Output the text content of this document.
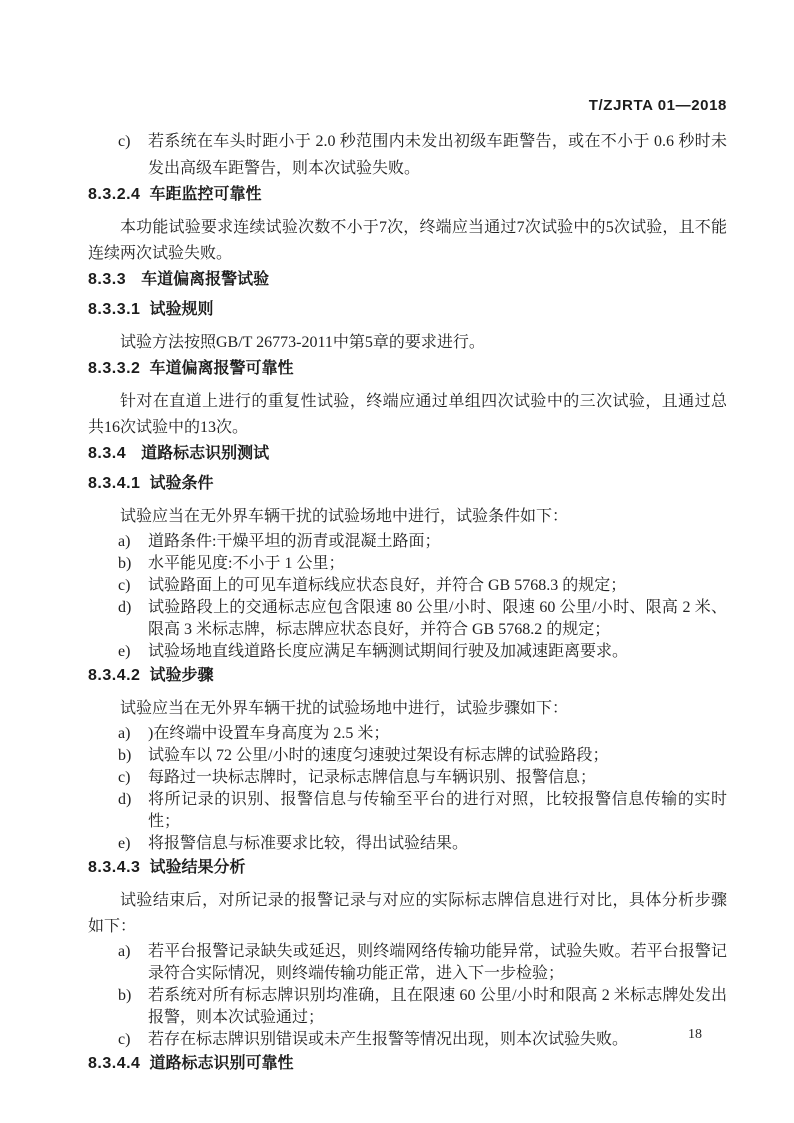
T/ZJRTA 01—2018
c)	若系统在车头时距小于 2.0 秒范围内未发出初级车距警告，或在不小于 0.6 秒时未发出高级车距警告，则本次试验失败。
8.3.2.4 车距监控可靠性

本功能试验要求连续试验次数不小于7次，终端应当通过7次试验中的5次试验，且不能连续两次试验失败。

8.3.3 车道偏离报警试验
8.3.3.1 试验规则

试验方法按照GB/T 26773-2011中第5章的要求进行。

8.3.3.2 车道偏离报警可靠性

针对在直道上进行的重复性试验，终端应通过单组四次试验中的三次试验，且通过总共16次试验中的13次。

8.3.4 道路标志识别测试
8.3.4.1 试验条件

试验应当在无外界车辆干扰的试验场地中进行，试验条件如下：

a)	道路条件:干燥平坦的沥青或混凝土路面；
b)	水平能见度:不小于 1 公里；
c)	试验路面上的可见车道标线应状态良好，并符合 GB 5768.3 的规定；
d)	试验路段上的交通标志应包含限速 80 公里/小时、限速 60 公里/小时、限高 2 米、限高 3 米标志牌，标志牌应状态良好，并符合 GB 5768.2 的规定；
e)	试验场地直线道路长度应满足车辆测试期间行驶及加减速距离要求。
8.3.4.2 试验步骤

试验应当在无外界车辆干扰的试验场地中进行，试验步骤如下：

a)	)在终端中设置车身高度为 2.5 米；
b)	试验车以 72 公里/小时的速度匀速驶过架设有标志牌的试验路段；
c)	每路过一块标志牌时，记录标志牌信息与车辆识别、报警信息；
d)	将所记录的识别、报警信息与传输至平台的进行对照，比较报警信息传输的实时性；
e)	将报警信息与标准要求比较，得出试验结果。
8.3.4.3 试验结果分析

试验结束后，对所记录的报警记录与对应的实际标志牌信息进行对比，具体分析步骤如下：

a)	若平台报警记录缺失或延迟，则终端网络传输功能异常，试验失败。若平台报警记录符合实际情况，则终端传输功能正常，进入下一步检验；
b)	若系统对所有标志牌识别均准确，且在限速 60 公里/小时和限高 2 米标志牌处发出报警，则本次试验通过；
c)	若存在标志牌识别错误或未产生报警等情况出现，则本次试验失败。
8.3.4.4 道路标志识别可靠性
18
